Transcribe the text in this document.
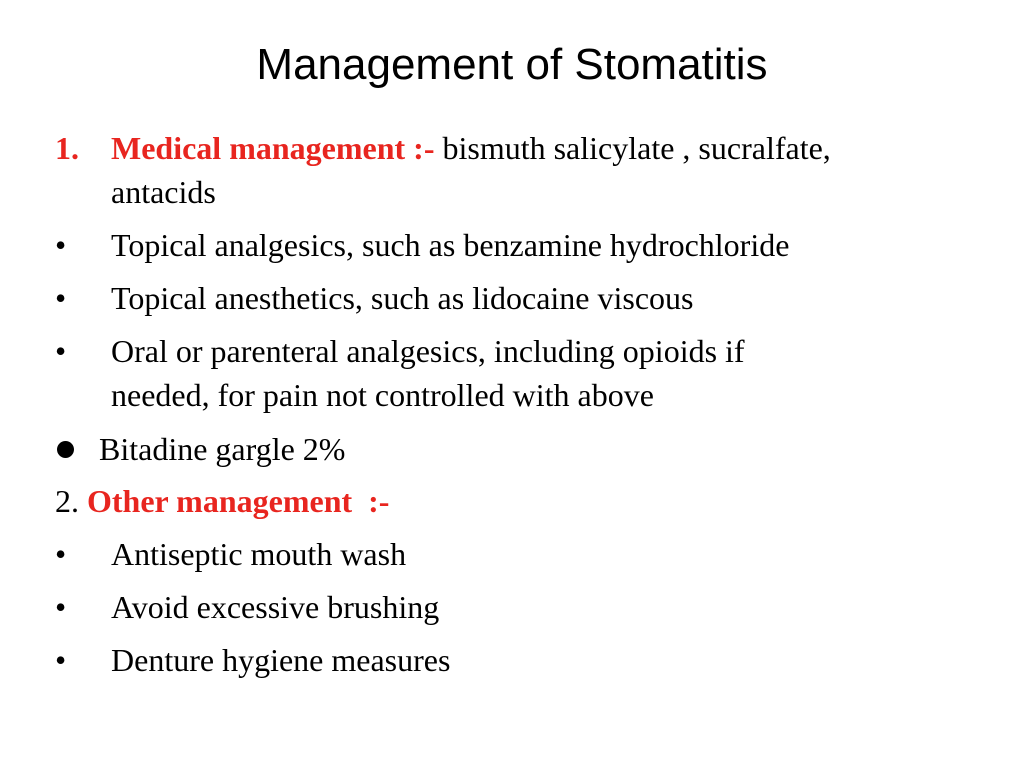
Management of Stomatitis
1. Medical management :- bismuth salicylate , sucralfate,
antacids
• Topical analgesics, such as benzamine hydrochloride
• Topical anesthetics, such as lidocaine viscous
• Oral or parenteral analgesics, including opioids if
needed, for pain not controlled with above
Bitadine gargle 2%
2. Other management  :-
• Antiseptic mouth wash
• Avoid excessive brushing
• Denture hygiene measures
